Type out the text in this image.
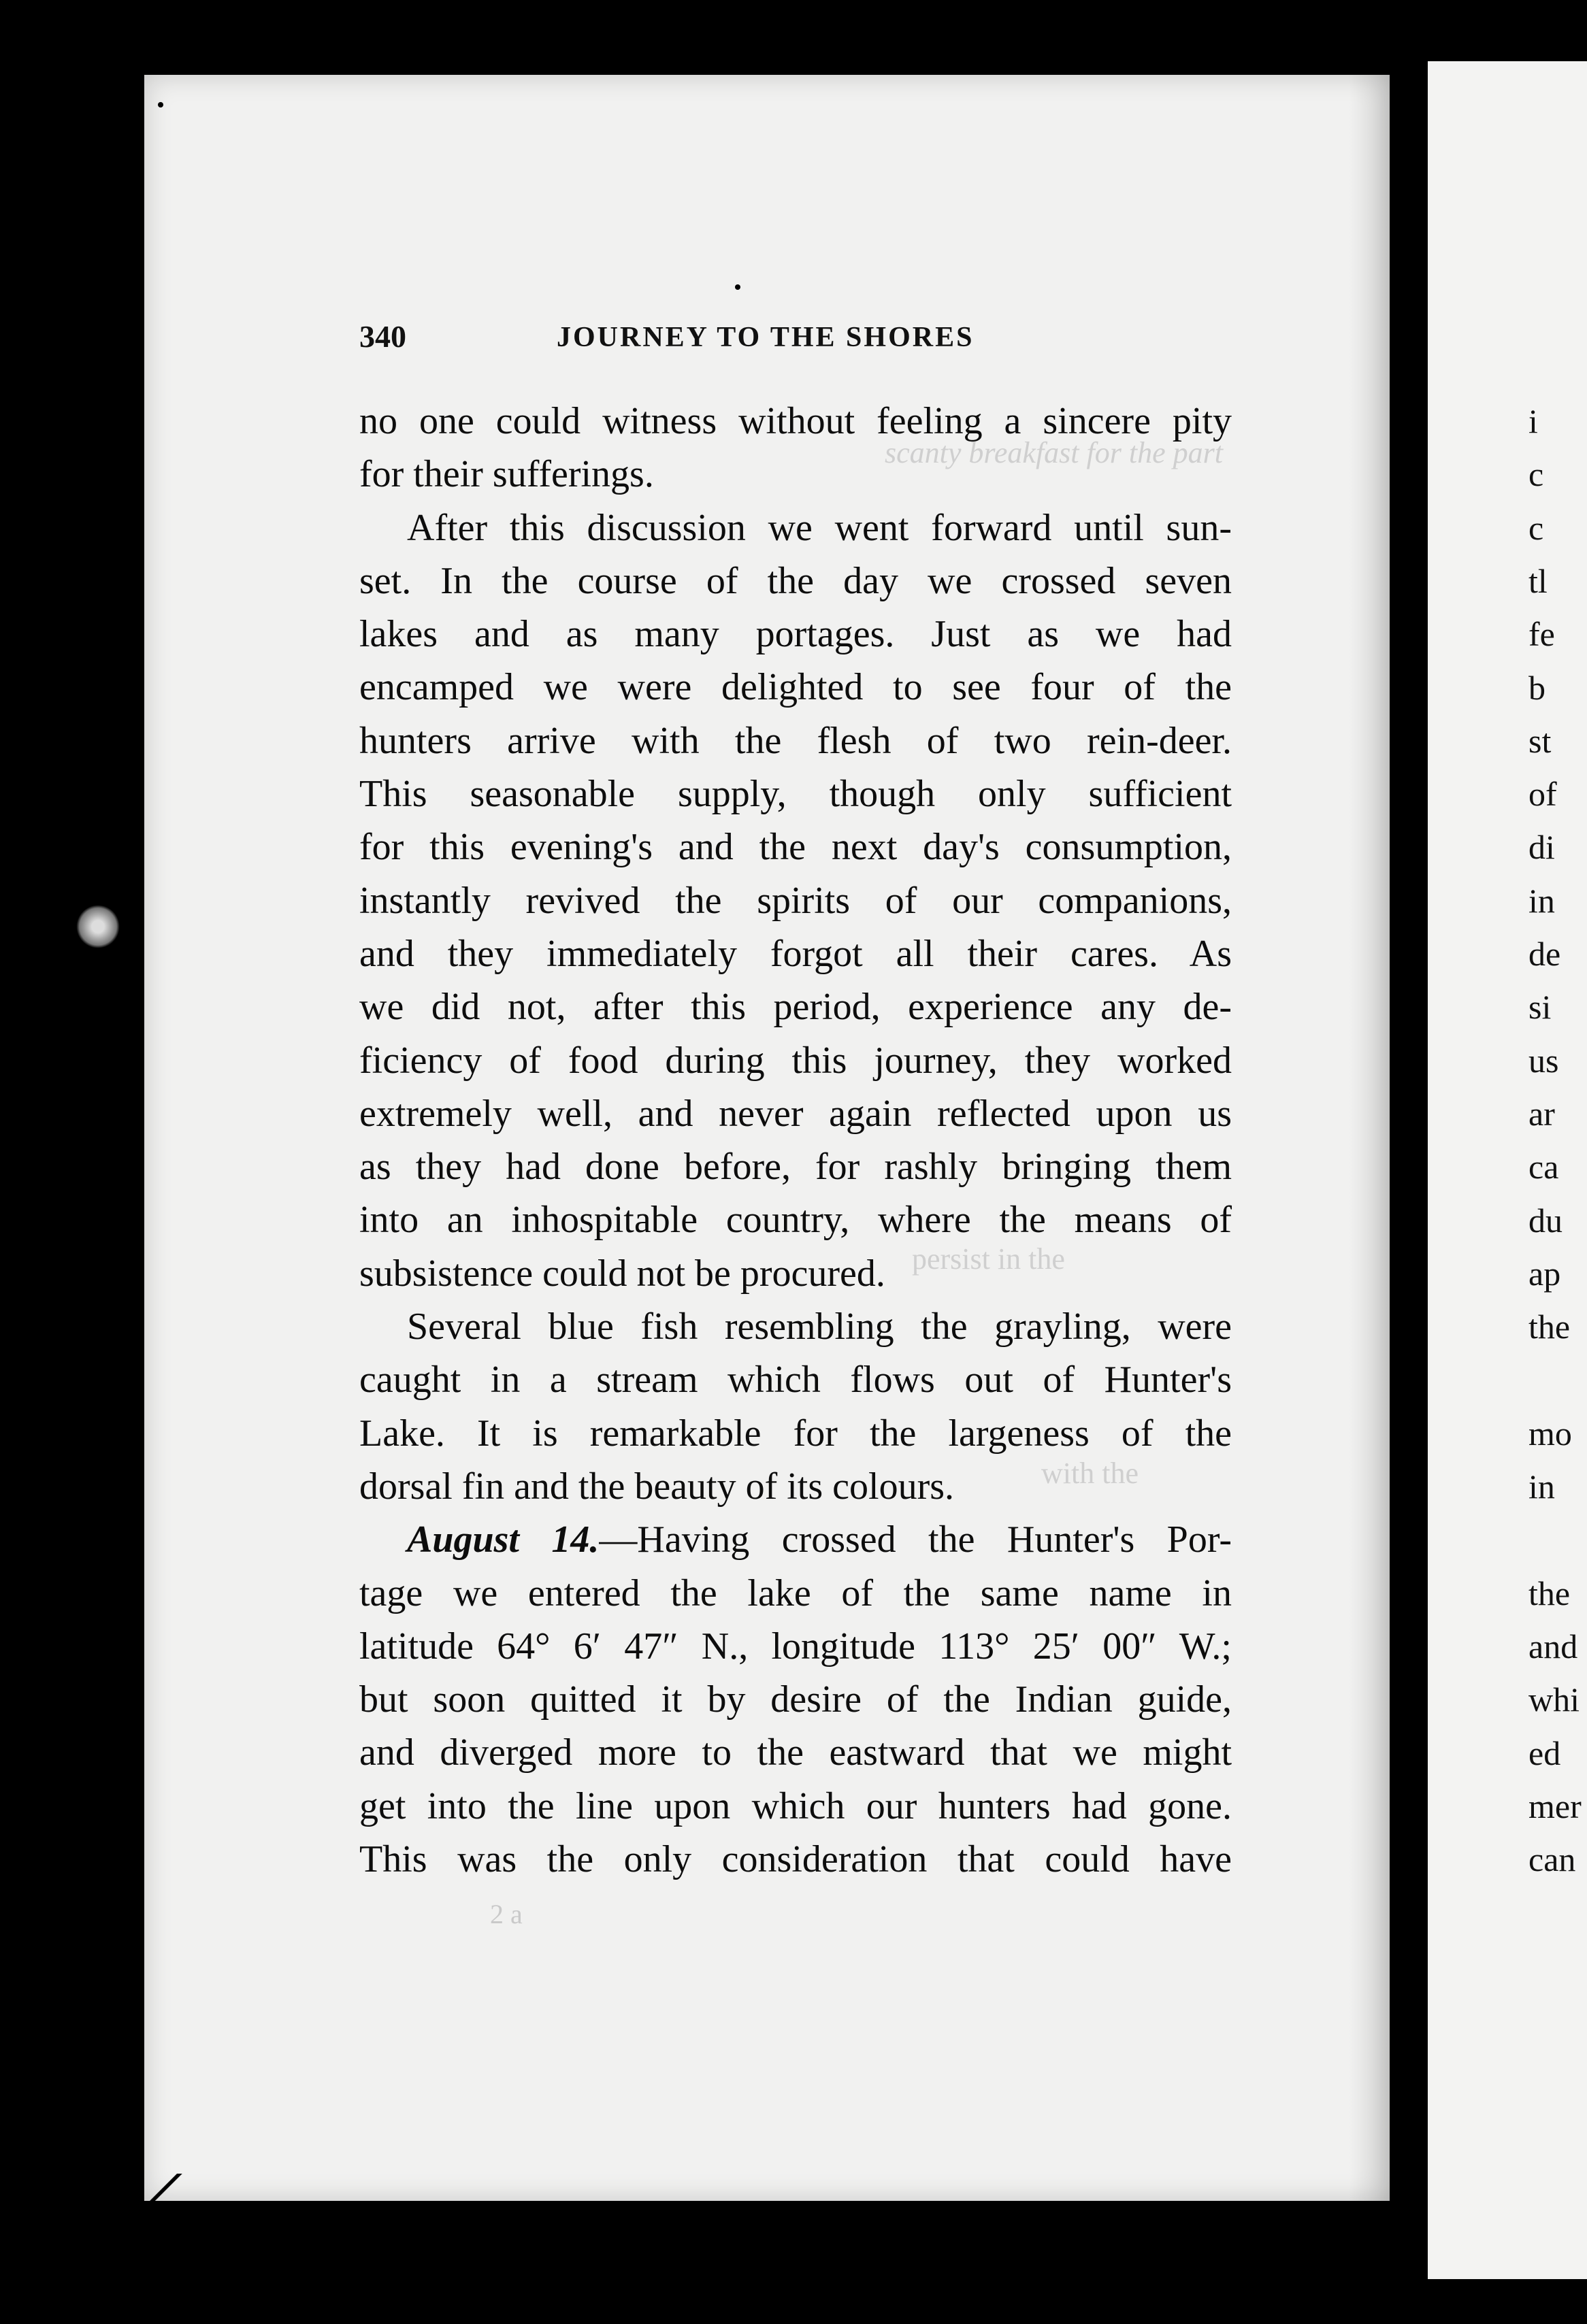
i
c
c
tl
fe
b
st
of
di
in
de
si
us
ar
ca
du
ap
the
mo
in
the
and
whi
ed
mer
can
scanty breakfast for the part
persist in the
with the
340	JOURNEY TO THE SHORES
no one could witness without feeling a sincere pity
for their sufferings.
After this discussion we went forward until sun-
set. In the course of the day we crossed seven
lakes and as many portages. Just as we had
encamped we were delighted to see four of the
hunters arrive with the flesh of two rein-deer.
This seasonable supply, though only sufficient
for this evening's and the next day's consumption,
instantly revived the spirits of our companions,
and they immediately forgot all their cares. As
we did not, after this period, experience any de-
ficiency of food during this journey, they worked
extremely well, and never again reflected upon us
as they had done before, for rashly bringing them
into an inhospitable country, where the means of
subsistence could not be procured.
Several blue fish resembling the grayling, were
caught in a stream which flows out of Hunter's
Lake. It is remarkable for the largeness of the
dorsal fin and the beauty of its colours.
August 14.—Having crossed the Hunter's Por-
tage we entered the lake of the same name in
latitude 64° 6′ 47″ N., longitude 113° 25′ 00″ W.;
but soon quitted it by desire of the Indian guide,
and diverged more to the eastward that we might
get into the line upon which our hunters had gone.
This was the only consideration that could have
2 a
